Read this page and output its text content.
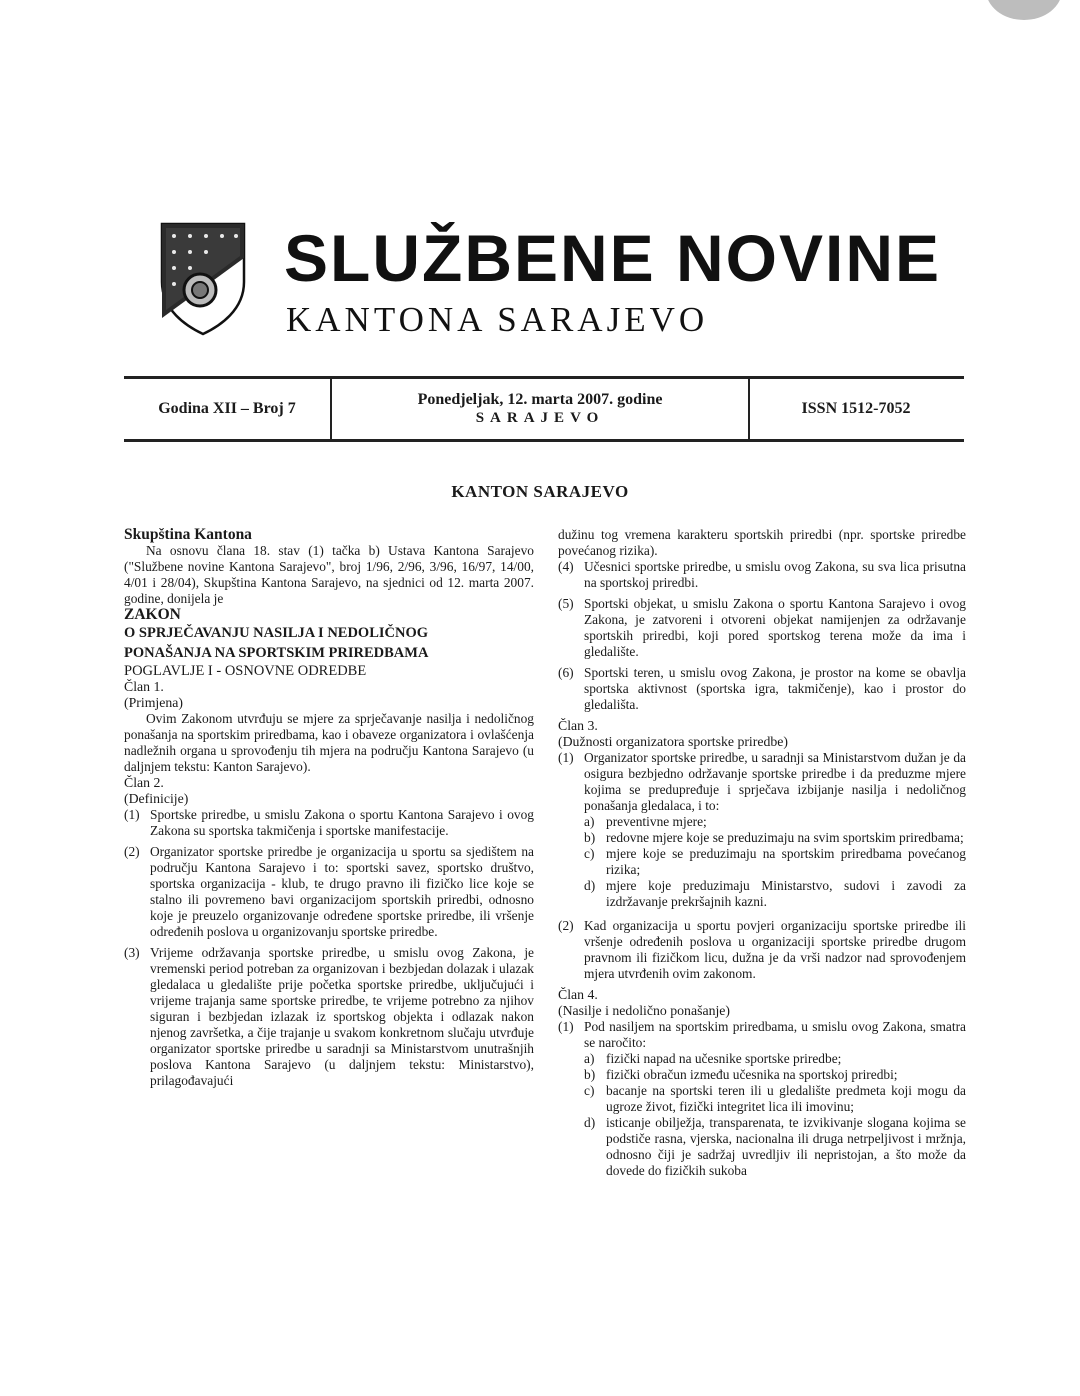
SLUŽBENE NOVINE
KANTONA SARAJEVO
Godina XII – Broj 7
Ponedjeljak, 12. marta 2007. godine
SARAJEVO
ISSN 1512-7052
KANTON SARAJEVO

Skupština Kantona

Na osnovu člana 18. stav (1) tačka b) Ustava Kantona Sarajevo ("Službene novine Kantona Sarajevo", broj 1/96, 2/96, 3/96, 16/97, 14/00, 4/01 i 28/04), Skupština Kantona Sarajevo, na sjednici od 12. marta 2007. godine, donijela je

ZAKON

O SPRJEČAVANJU NASILJA I NEDOLIČNOG
PONAŠANJA NA SPORTSKIM PRIREDBAMA

POGLAVLJE I - OSNOVNE ODREDBE

Član 1.

(Primjena)

Ovim Zakonom utvrđuju se mjere za sprječavanje nasilja i nedoličnog ponašanja na sportskim priredbama, kao i obaveze organizatora i ovlašćenja nadležnih organa u sprovođenju tih mjera na području Kantona Sarajevo (u daljnjem tekstu: Kanton Sarajevo).

Član 2.

(Definicije)

(1) Sportske priredbe, u smislu Zakona o sportu Kantona Sarajevo i ovog Zakona su sportska takmičenja i sportske manifestacije.
(2) Organizator sportske priredbe je organizacija u sportu sa sjedištem na području Kantona Sarajevo i to: sportski savez, sportsko društvo, sportska organizacija - klub, te drugo pravno ili fizičko lice koje se stalno ili povremeno bavi organizacijom sportskih priredbi, odnosno koje je preuzelo organizovanje određene sportske priredbe, ili vršenje određenih poslova u organizovanju sportske priredbe.
(3) Vrijeme održavanja sportske priredbe, u smislu ovog Zakona, je vremenski period potreban za organizovan i bezbjedan dolazak i ulazak gledalaca u gledalište prije početka sportske priredbe, uključujući i vrijeme trajanja same sportske priredbe, te vrijeme potrebno za njihov siguran i bezbjedan izlazak iz sportskog objekta i odlazak nakon njenog završetka, a čije trajanje u svakom konkretnom slučaju utvrđuje organizator sportske priredbe u saradnji sa Ministarstvom unutrašnjih poslova Kantona Sarajevo (u daljnjem tekstu: Ministarstvo), prilagođavajući

dužinu tog vremena karakteru sportskih priredbi (npr. sportske priredbe povećanog rizika).

(4) Učesnici sportske priredbe, u smislu ovog Zakona, su sva lica prisutna na sportskoj priredbi.
(5) Sportski objekat, u smislu Zakona o sportu Kantona Sarajevo i ovog Zakona, je zatvoreni i otvoreni objekat namijenjen za održavanje sportskih priredbi, koji pored sportskog terena može da ima i gledalište.
(6) Sportski teren, u smislu ovog Zakona, je prostor na kome se obavlja sportska aktivnost (sportska igra, takmičenje), kao i prostor do gledališta.

Član 3.

(Dužnosti organizatora sportske priredbe)

(1) Organizator sportske priredbe, u saradnji sa Ministarstvom dužan je da osigura bezbjedno održavanje sportske priredbe i da preduzme mjere kojima se predupređuje i sprječava izbijanje nasilja i nedoličnog ponašanja gledalaca, i to:
a) preventivne mjere;
b) redovne mjere koje se preduzimaju na svim sportskim priredbama;
c) mjere koje se preduzimaju na sportskim priredbama povećanog rizika;
d) mjere koje preduzimaju Ministarstvo, sudovi i zavodi za izdržavanje prekršajnih kazni.
(2) Kad organizacija u sportu povjeri organizaciju sportske priredbe ili vršenje određenih poslova u organizaciji sportske priredbe drugom pravnom ili fizičkom licu, dužna je da vrši nadzor nad sprovođenjem mjera utvrđenih ovim zakonom.

Član 4.

(Nasilje i nedolično ponašanje)

(1) Pod nasiljem na sportskim priredbama, u smislu ovog Zakona, smatra se naročito:
a) fizički napad na učesnike sportske priredbe;
b) fizički obračun između učesnika na sportskoj priredbi;
c) bacanje na sportski teren ili u gledalište predmeta koji mogu da ugroze život, fizički integritet lica ili imovinu;
d) isticanje obilježja, transparenata, te izvikivanje slogana kojima se podstiče rasna, vjerska, nacionalna ili druga netrpeljivost i mržnja, odnosno čiji je sadržaj uvredljiv ili nepristojan, a što može da dovede do fizičkih sukoba
